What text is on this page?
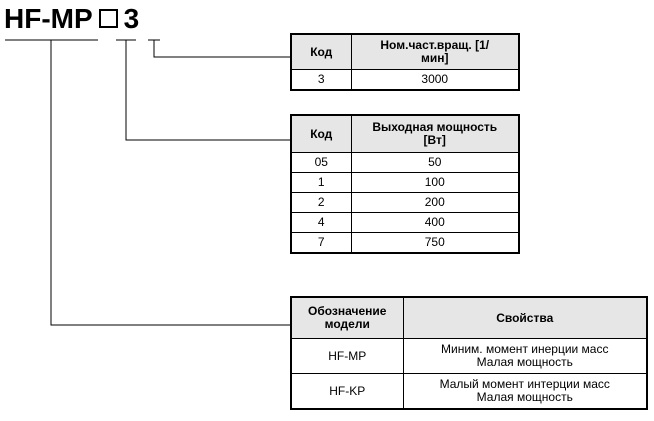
HF-MP 3
Код	Ном.част.вращ. [1/мин]
3	3000
Код	Выходная мощность [Вт]
05	50
1	100
2	200
4	400
7	750
Обозначение модели	Свойства
HF-MP	Миним. момент инерции масс
Малая мощность
HF-KP	Малый момент интерции масс
Малая мощность
